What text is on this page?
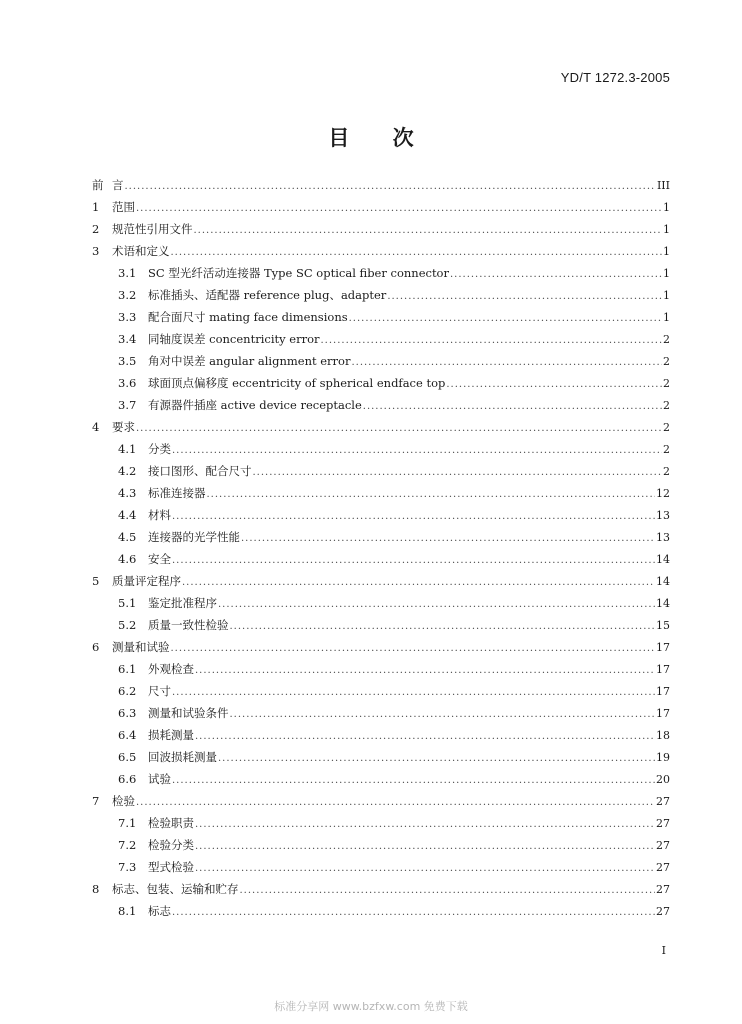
YD/T 1272.3-2005
目 次
前 言 .....	III
1	范围 .....	1
2	规范性引用文件 .....	1
3	术语和定义 .....	1
3.1	SC 型光纤活动连接器 Type SC optical fiber connector .....	1
3.2	标准插头、适配器 reference plug、adapter .....	1
3.3	配合面尺寸 mating face dimensions .....	1
3.4	同轴度误差 concentricity error .....	2
3.5	角对中误差 angular alignment error .....	2
3.6	球面顶点偏移度 eccentricity of spherical endface top .....	2
3.7	有源器件插座 active device receptacle .....	2
4	要求 .....	2
4.1	分类 .....	2
4.2	接口图形、配合尺寸 .....	2
4.3	标准连接器 .....	12
4.4	材料 .....	13
4.5	连接器的光学性能 .....	13
4.6	安全 .....	14
5	质量评定程序 .....	14
5.1	鉴定批准程序 .....	14
5.2	质量一致性检验 .....	15
6	测量和试验 .....	17
6.1	外观检查 .....	17
6.2	尺寸 .....	17
6.3	测量和试验条件 .....	17
6.4	损耗测量 .....	18
6.5	回波损耗测量 .....	19
6.6	试验 .....	20
7	检验 .....	27
7.1	检验职责 .....	27
7.2	检验分类 .....	27
7.3	型式检验 .....	27
8	标志、包装、运输和贮存 .....	27
8.1	标志 .....	27
I
标准分享网 www.bzfxw.com 免费下载
